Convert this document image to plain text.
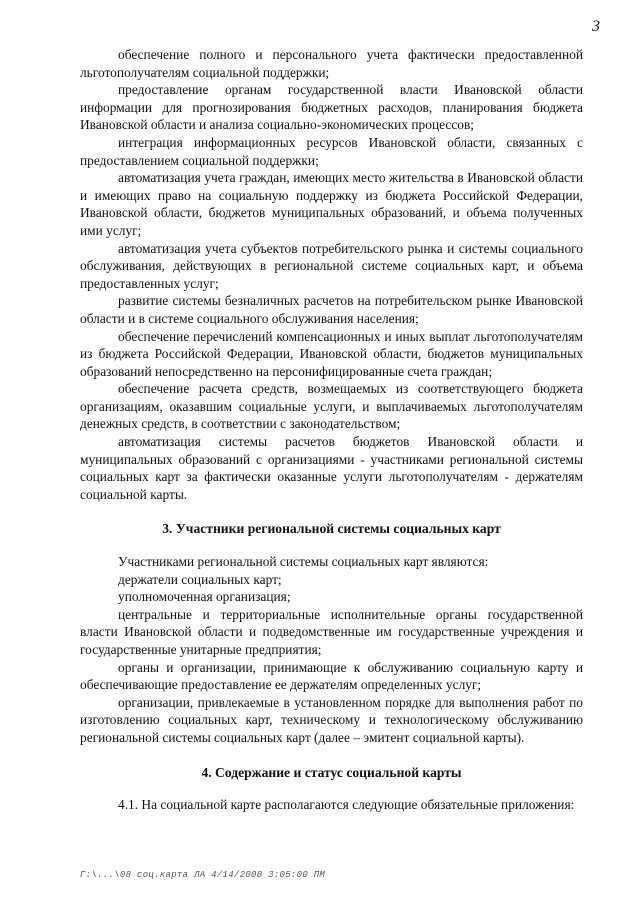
3

обеспечение полного и персонального учета фактически предоставленной льготополучателям социальной поддержки;

предоставление органам государственной власти Ивановской области информации для прогнозирования бюджетных расходов, планирования бюджета Ивановской области и анализа социально-экономических процессов;

интеграция информационных ресурсов Ивановской области, связанных с предоставлением социальной поддержки;

автоматизация учета граждан, имеющих место жительства в Ивановской области и имеющих право на социальную поддержку из бюджета Российской Федерации, Ивановской области, бюджетов муниципальных образований, и объема полученных ими услуг;

автоматизация учета субъектов потребительского рынка и системы социального обслуживания, действующих в региональной системе социальных карт, и объема предоставленных услуг;

развитие системы безналичных расчетов на потребительском рынке Ивановской области и в системе социального обслуживания населения;

обеспечение перечислений компенсационных и иных выплат льготополучателям из бюджета Российской Федерации, Ивановской области, бюджетов муниципальных образований непосредственно на персонифицированные счета граждан;

обеспечение расчета средств, возмещаемых из соответствующего бюджета организациям, оказавшим социальные услуги, и выплачиваемых льготополучателям денежных средств, в соответствии с законодательством;

автоматизация системы расчетов бюджетов Ивановской области и муниципальных образований с организациями - участниками региональной системы социальных карт за фактически оказанные услуги льготополучателям - держателям социальной карты.

3. Участники региональной системы социальных карт

Участниками региональной системы социальных карт являются:

держатели социальных карт;

уполномоченная организация;

центральные и территориальные исполнительные органы государственной власти Ивановской области и подведомственные им государственные учреждения и государственные унитарные предприятия;

органы и организации, принимающие к обслуживанию социальную карту и обеспечивающие предоставление ее держателям определенных услуг;

организации, привлекаемые в установленном порядке для выполнения работ по изготовлению социальных карт, техническому и технологическому обслуживанию региональной системы социальных карт (далее – эмитент социальной карты).

4. Содержание и статус социальной карты

4.1. На социальной карте располагаются следующие обязательные приложения:

Г:\...\08 соц.карта ЛА 4/14/2008 3:05:00 ПМ
